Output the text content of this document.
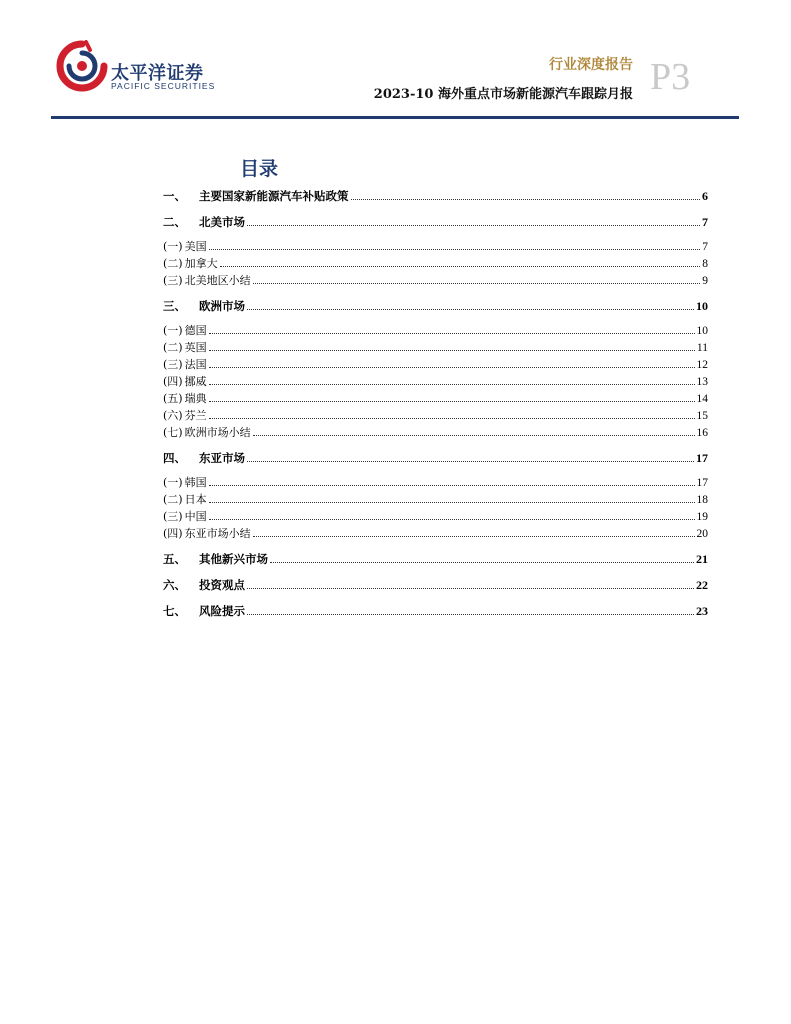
太平洋证券
PACIFIC SECURITIES
行业深度报告
2023-10 海外重点市场新能源汽车跟踪月报 P3
目录
一、 主要国家新能源汽车补贴政策	6
二、 北美市场	7
(一) 美国	7
(二) 加拿大	8
(三) 北美地区小结	9
三、 欧洲市场	10
(一) 德国	10
(二) 英国	11
(三) 法国	12
(四) 挪威	13
(五) 瑞典	14
(六) 芬兰	15
(七) 欧洲市场小结	16
四、 东亚市场	17
(一) 韩国	17
(二) 日本	18
(三) 中国	19
(四) 东亚市场小结	20
五、 其他新兴市场	21
六、 投资观点	22
七、 风险提示	23
